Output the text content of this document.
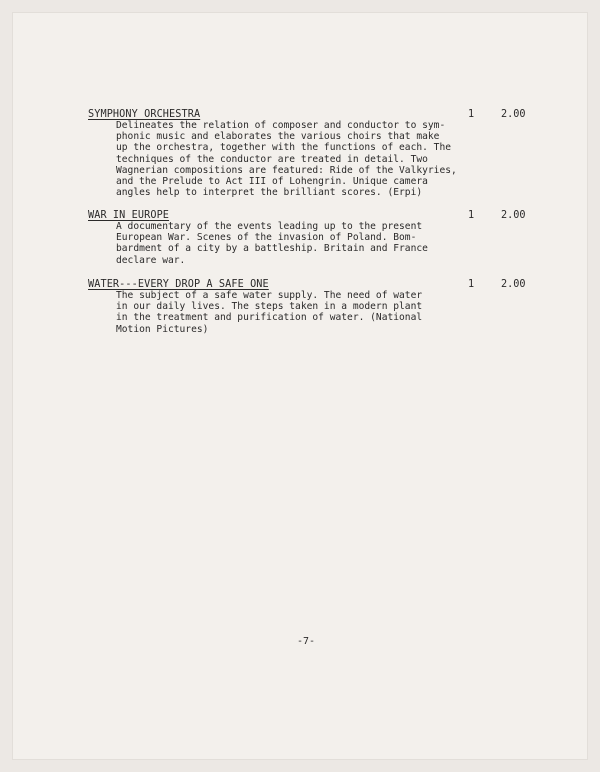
SYMPHONY ORCHESTRA	1	2.00
Delineates the relation of composer and conductor to sym-
phonic music and elaborates the various choirs that make
up the orchestra, together with the functions of each. The
techniques of the conductor are treated in detail. Two
Wagnerian compositions are featured: Ride of the Valkyries,
and the Prelude to Act III of Lohengrin. Unique camera
angles help to interpret the brilliant scores. (Erpi)
WAR IN EUROPE	1	2.00
A documentary of the events leading up to the present
European War. Scenes of the invasion of Poland. Bom-
bardment of a city by a battleship. Britain and France
declare war.
WATER---EVERY DROP A SAFE ONE	1	2.00
The subject of a safe water supply. The need of water
in our daily lives. The steps taken in a modern plant
in the treatment and purification of water. (National
Motion Pictures)
-7-
